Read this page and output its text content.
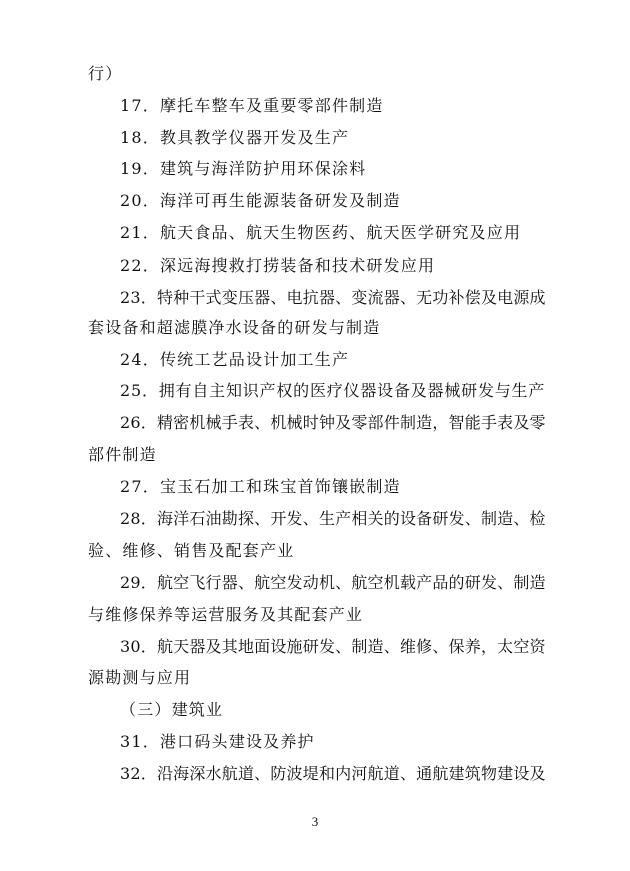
行）
17．摩托车整车及重要零部件制造
18．教具教学仪器开发及生产
19．建筑与海洋防护用环保涂料
20．海洋可再生能源装备研发及制造
21．航天食品、航天生物医药、航天医学研究及应用
22．深远海搜救打捞装备和技术研发应用
23．特种干式变压器、电抗器、变流器、无功补偿及电源成
套设备和超滤膜净水设备的研发与制造
24．传统工艺品设计加工生产
25．拥有自主知识产权的医疗仪器设备及器械研发与生产
26．精密机械手表、机械时钟及零部件制造，智能手表及零
部件制造
27．宝玉石加工和珠宝首饰镶嵌制造
28．海洋石油勘探、开发、生产相关的设备研发、制造、检
验、维修、销售及配套产业
29．航空飞行器、航空发动机、航空机载产品的研发、制造
与维修保养等运营服务及其配套产业
30．航天器及其地面设施研发、制造、维修、保养，太空资
源勘测与应用
（三）建筑业
31．港口码头建设及养护
32．沿海深水航道、防波堤和内河航道、通航建筑物建设及
3
